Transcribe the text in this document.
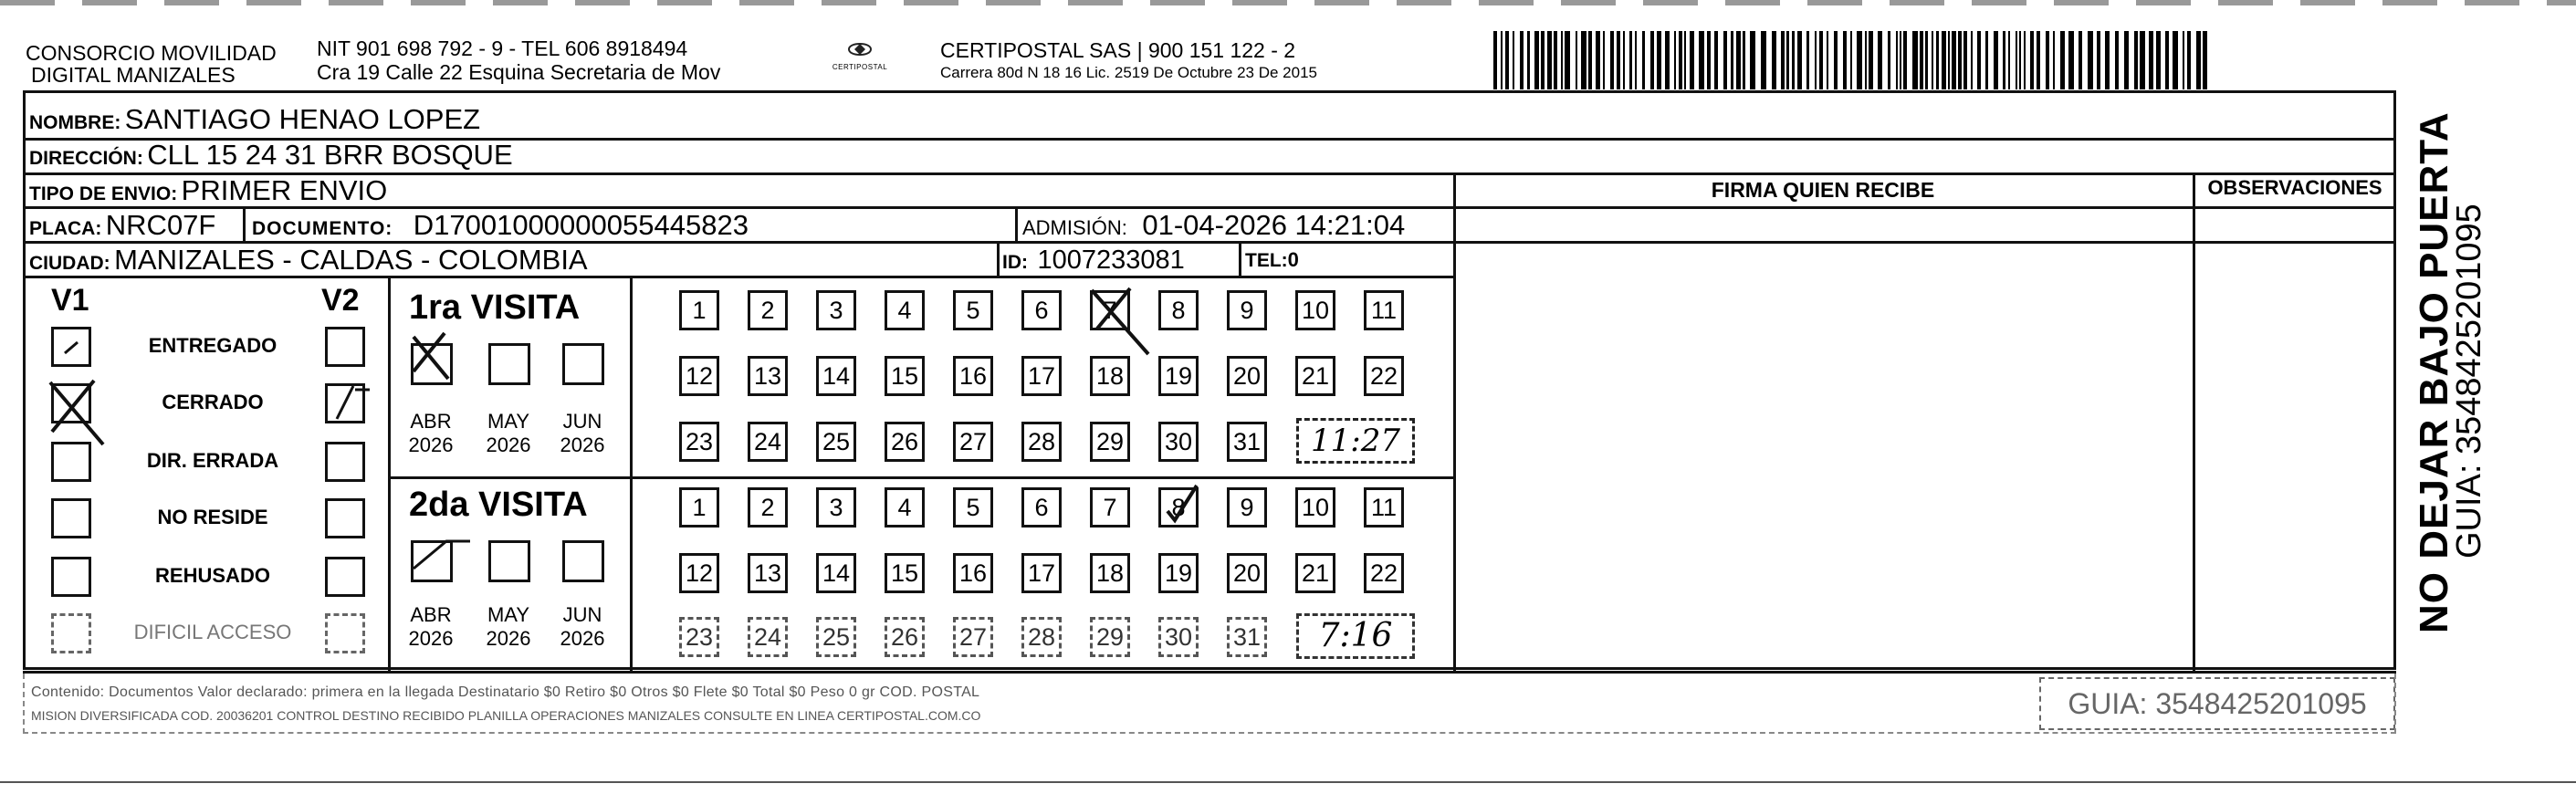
CONSORCIO MOVILIDAD
DIGITAL MANIZALES
NIT 901 698 792 - 9 - TEL 606 8918494
Cra 19 Calle 22 Esquina Secretaria de Mov	CERTIPOSTAL
CERTIPOSTAL SAS | 900 151 122 - 2
Carrera 80d N 18 16 Lic. 2519 De Octubre 23 De 2015
NOMBRE: SANTIAGO HENAO LOPEZ
DIRECCIÓN: CLL 15 24 31 BRR BOSQUE
TIPO DE ENVIO: PRIMER ENVIO
PLACA: NRC07F DOCUMENTO: D17001000000055445823	ADMISIÓN: 01-04-2026 14:21:04
CIUDAD: MANIZALES - CALDAS - COLOMBIA	ID: 1007233081	TEL:0
FIRMA QUIEN RECIBE	OBSERVACIONES
V1	V2
ENTREGADO
CERRADO
DIR. ERRADA
NO RESIDE
REHUSADO
DIFICIL ACCESO
1ra VISITA
2da VISITA
ABR
2026
MAY
2026
JUN
2026
ABR
2026
MAY
2026
JUN
2026
1	2	3	4	5	6	7	8	9	10 11
12 13 14 15 16 17 18 19 20 21 22
23 24 25 26 27 28 29 30 31
1	2	3	4	5	6	7	8	9	10 11
12 13 14 15 16 17 18 19 20 21 22
23 24 25 26 27 28 29 30 31
11:27
7:16
NO DEJAR BAJO PUERTA
GUIA: 3548425201095
Contenido: Documentos Valor declarado: primera en la llegada Destinatario $0 Retiro $0 Otros $0 Flete $0 Total $0 Peso 0 gr COD. POSTAL
MISION DIVERSIFICADA COD. 20036201 CONTROL DESTINO RECIBIDO PLANILLA OPERACIONES MANIZALES CONSULTE EN LINEA CERTIPOSTAL.COM.CO	GUIA: 3548425201095
